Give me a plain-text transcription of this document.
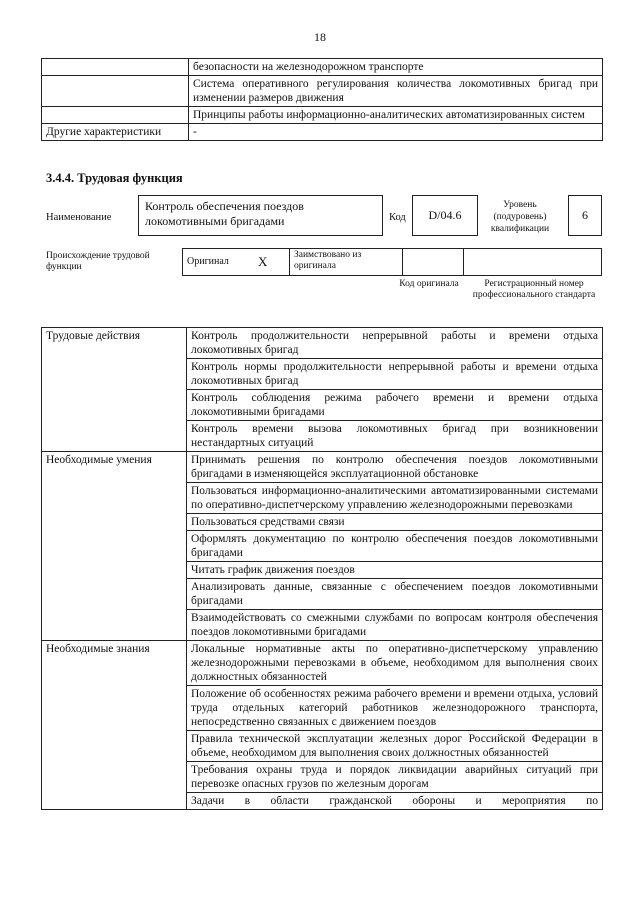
18
	безопасности на железнодорожном транспорте
	Система оперативного регулирования количества локомотивных бригад при изменении размеров движения
	Принципы работы информационно-аналитических автоматизированных систем
Другие характеристики	-
3.4.4. Трудовая функция
Наименование
Контроль обеспечения поездов локомотивными бригадами	Код	D/04.6
Уровень (подуровень) квалификации
6
Происхождение трудовой функции	Оригинал	X	Заимствовано из оригинала		
Код оригинала	Регистрационный номер профессионального стандарта
Трудовые действия	Контроль продолжительности непрерывной работы и времени отдыха локомотивных бригад
	Контроль нормы продолжительности непрерывной работы и времени отдыха локомотивных бригад
	Контроль соблюдения режима рабочего времени и времени отдыха локомотивными бригадами
	Контроль времени вызова локомотивных бригад при возникновении нестандартных ситуаций
Необходимые умения	Принимать решения по контролю обеспечения поездов локомотивными бригадами в изменяющейся эксплуатационной обстановке
	Пользоваться информационно-аналитическими автоматизированными системами по оперативно-диспетчерскому управлению железнодорожными перевозками
	Пользоваться средствами связи
	Оформлять документацию по контролю обеспечения поездов локомотивными бригадами
	Читать график движения поездов
	Анализировать данные, связанные с обеспечением поездов локомотивными бригадами
	Взаимодействовать со смежными службами по вопросам контроля обеспечения поездов локомотивными бригадами
Необходимые знания	Локальные нормативные акты по оперативно-диспетчерскому управлению железнодорожными перевозками в объеме, необходимом для выполнения своих должностных обязанностей
	Положение об особенностях режима рабочего времени и времени отдыха, условий труда отдельных категорий работников железнодорожного транспорта, непосредственно связанных с движением поездов
	Правила технической эксплуатации железных дорог Российской Федерации в объеме, необходимом для выполнения своих должностных обязанностей
	Требования охраны труда и порядок ликвидации аварийных ситуаций при перевозке опасных грузов по железным дорогам
	Задачи в области гражданской обороны и мероприятия по
